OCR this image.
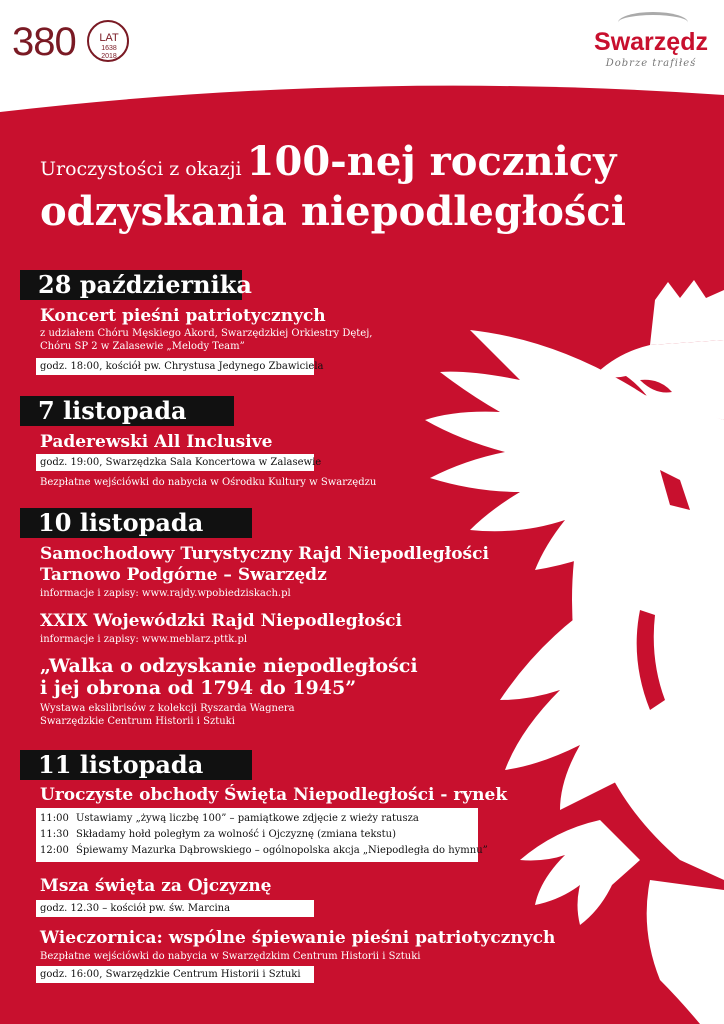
380	LAT
1638
2018
Swarzędz
Dobrze trafiłeś
Uroczystości z okazji 100-nej rocznicy
odzyskania niepodległości
28 października
Koncert pieśni patriotycznych
z udziałem Chóru Męskiego Akord, Swarzędzkiej Orkiestry Dętej,
Chóru SP 2 w Zalasewie „Melody Team”
godz. 18:00, kościół pw. Chrystusa Jedynego Zbawiciela
7 listopada
Paderewski All Inclusive
godz. 19:00, Swarzędzka Sala Koncertowa w Zalasewie
Bezpłatne wejściówki do nabycia w Ośrodku Kultury w Swarzędzu
10 listopada
Samochodowy Turystyczny Rajd Niepodległości
Tarnowo Podgórne – Swarzędz
informacje i zapisy: www.rajdy.wpobiedziskach.pl
XXIX Wojewódzki Rajd Niepodległości
informacje i zapisy: www.meblarz.pttk.pl
„Walka o odzyskanie niepodległości
i jej obrona od 1794 do 1945”
Wystawa ekslibrisów z kolekcji Ryszarda Wagnera
Swarzędzkie Centrum Historii i Sztuki
11 listopada
Uroczyste obchody Święta Niepodległości - rynek
11:00 Ustawiamy „żywą liczbę 100” – pamiątkowe zdjęcie z wieży ratusza
11:30 Składamy hołd poległym za wolność i Ojczyznę (zmiana tekstu)
12:00 Śpiewamy Mazurka Dąbrowskiego – ogólnopolska akcja „Niepodległa do hymnu”
Msza święta za Ojczyznę
godz. 12.30 – kościół pw. św. Marcina
Wieczornica: wspólne śpiewanie pieśni patriotycznych
Bezpłatne wejściówki do nabycia w Swarzędzkim Centrum Historii i Sztuki
godz. 16:00, Swarzędzkie Centrum Historii i Sztuki
